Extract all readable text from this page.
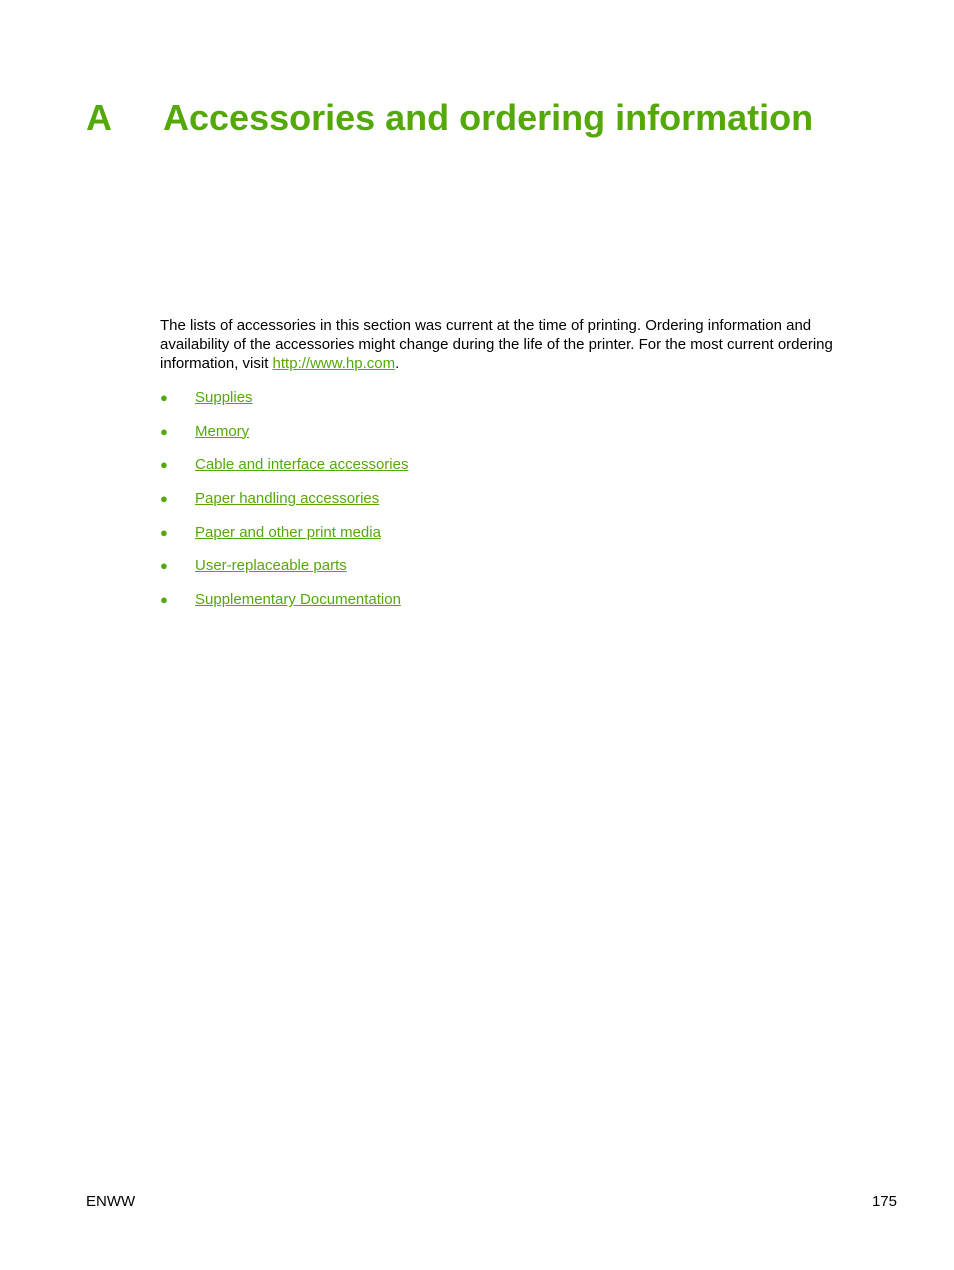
A Accessories and ordering information

The lists of accessories in this section was current at the time of printing. Ordering information and availability of the accessories might change during the life of the printer. For the most current ordering information, visit http://www.hp.com.

● Supplies
● Memory
● Cable and interface accessories
● Paper handling accessories
● Paper and other print media
● User-replaceable parts
● Supplementary Documentation
ENWW	175
